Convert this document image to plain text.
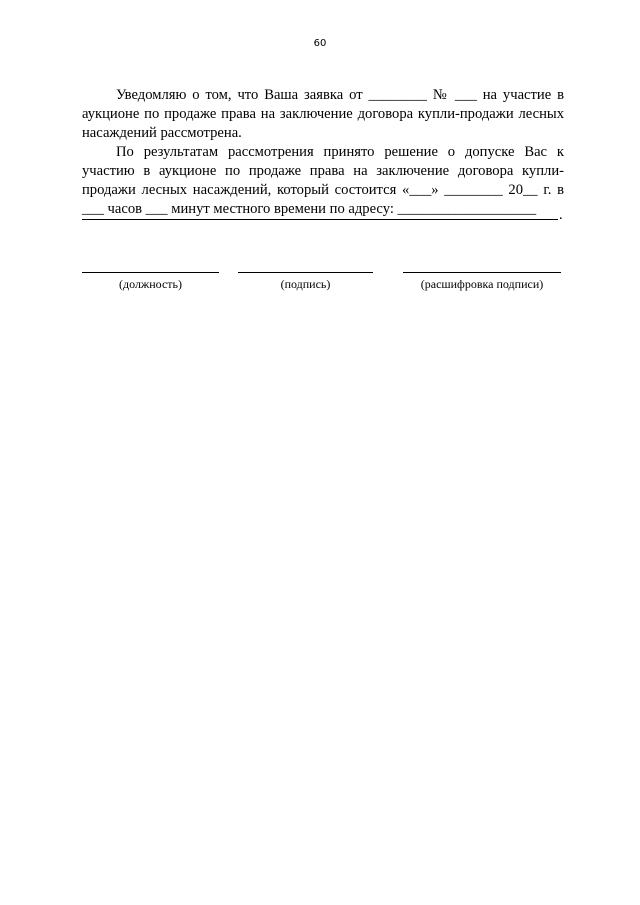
60

Уведомляю о том, что Ваша заявка от ________ № ___ на участие в аукционе по продаже права на заключение договора купли-продажи лесных насаждений рассмотрена.

По результатам рассмотрения принято решение о допуске Вас к участию в аукционе по продаже права на заключение договора купли-продажи лесных насаждений, который состоится «___» ________ 20__ г. в ___ часов ___ минут местного времени по адресу: ___________________	.
(должность)	(подпись)	(расшифровка подписи)
